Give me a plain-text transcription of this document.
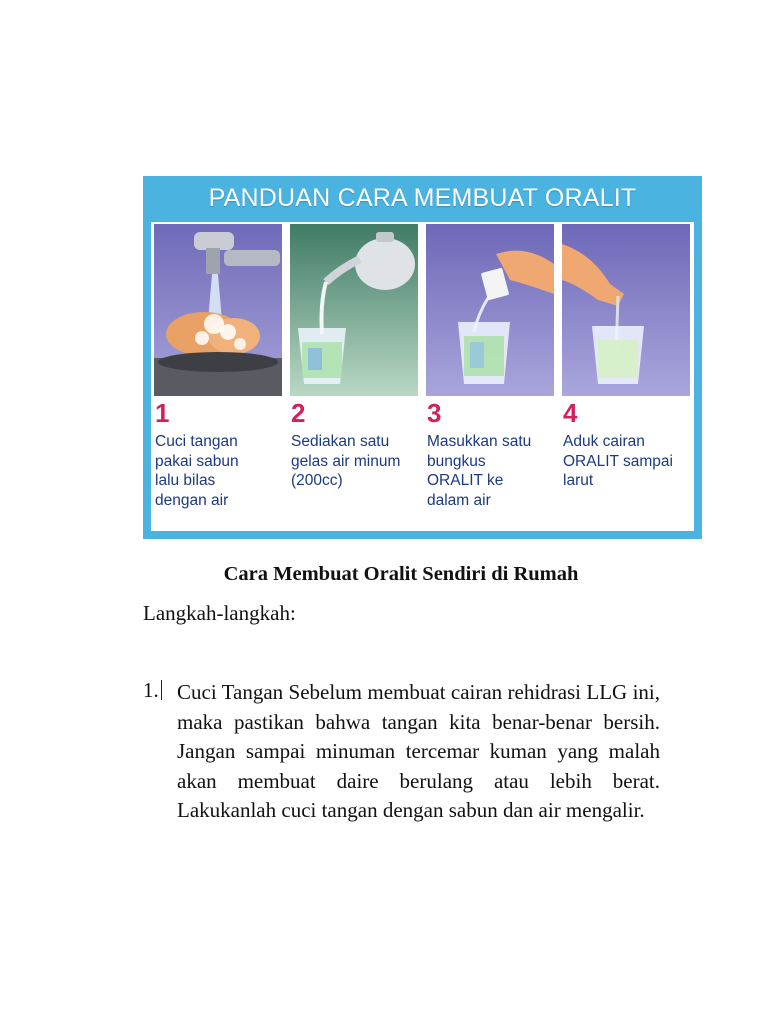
PANDUAN CARA MEMBUAT ORALIT
1
Cuci tangan
pakai sabun
lalu bilas
dengan air
2
Sediakan satu
gelas air minum
(200cc)
3
Masukkan satu
bungkus
ORALIT ke
dalam air
4
Aduk cairan
ORALIT sampai
larut
Cara Membuat Oralit Sendiri di Rumah
Langkah-langkah:
1. Cuci Tangan Sebelum membuat cairan rehidrasi LLG ini, maka pastikan bahwa tangan kita benar-benar bersih. Jangan sampai minuman tercemar kuman yang malah akan membuat daire berulang atau lebih berat. Lakukanlah cuci tangan dengan sabun dan air mengalir.
